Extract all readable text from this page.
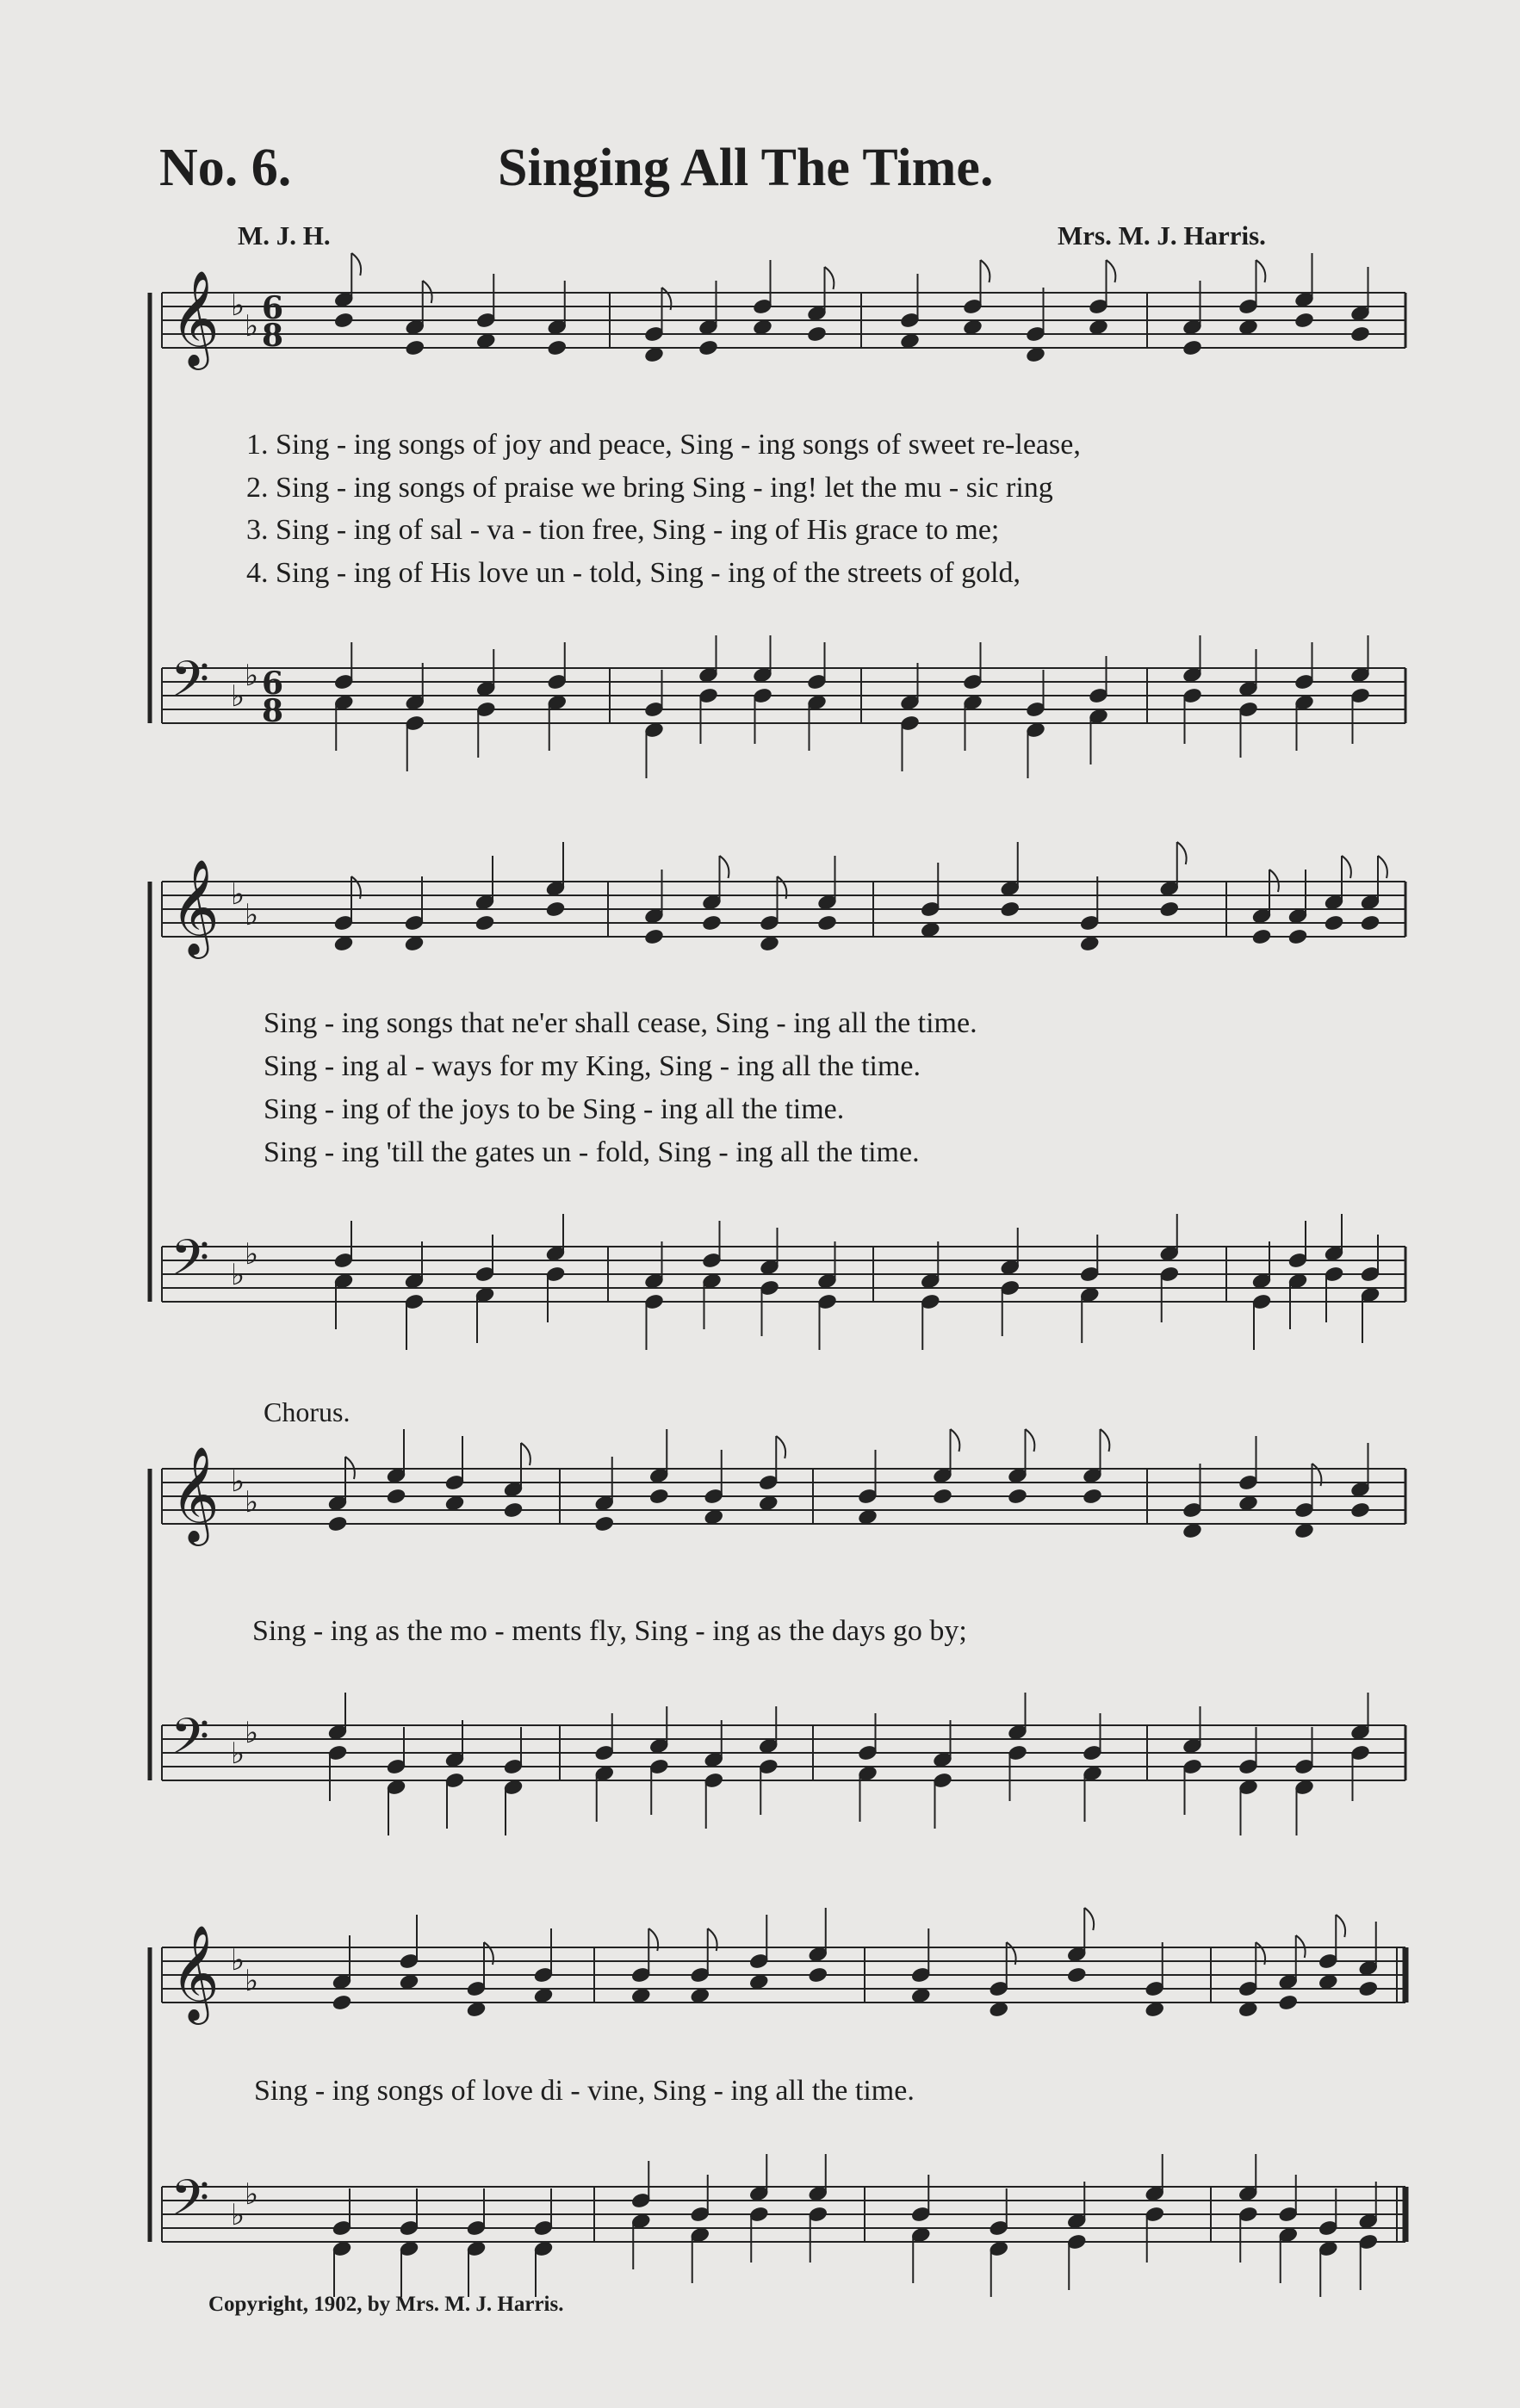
No. 6.	Singing All The Time.
M. J. H.	Mrs. M. J. Harris.
𝄞 ♭
♭ 6
8
𝄢 ♭
♭ 6
8
𝄞 ♭
♭
𝄢 ♭
♭
𝄞 ♭
♭
𝄢 ♭
♭
𝄞 ♭
♭
𝄢 ♭
♭
1. Sing - ing songs of joy and peace, Sing - ing songs of sweet re-lease,
2. Sing - ing songs of praise we bring Sing - ing! let the mu - sic ring
3. Sing - ing of sal - va - tion free, Sing - ing of His grace to me;
4. Sing - ing of His love un - told, Sing - ing of the streets of gold,
Sing - ing songs that ne'er shall cease, Sing - ing all the time.
Sing - ing al - ways for my King, Sing - ing all the time.
Sing - ing of the joys to be Sing - ing all the time.
Sing - ing 'till the gates un - fold, Sing - ing all the time.
Chorus.
Sing - ing as the mo - ments fly, Sing - ing as the days go by;
Sing - ing songs of love di - vine, Sing - ing all the time.
Copyright, 1902, by Mrs. M. J. Harris.
